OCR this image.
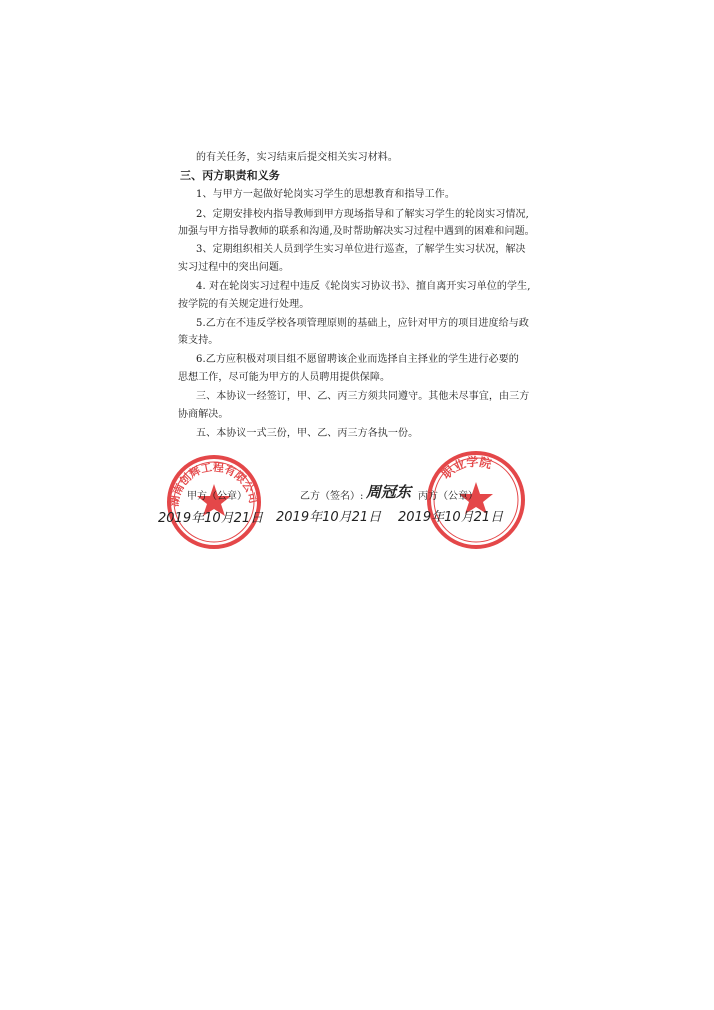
的有关任务，实习结束后提交相关实习材料。
三、丙方职责和义务
1、与甲方一起做好轮岗实习学生的思想教育和指导工作。
2、定期安排校内指导教师到甲方现场指导和了解实习学生的轮岗实习情况,
加强与甲方指导教师的联系和沟通,及时帮助解决实习过程中遇到的困难和问题。
3、定期组织相关人员到学生实习单位进行巡查，了解学生实习状况，解决
实习过程中的突出问题。
4. 对在轮岗实习过程中违反《轮岗实习协议书》、擅自离开实习单位的学生,
按学院的有关规定进行处理。
5.乙方在不违反学校各项管理原则的基础上，应针对甲方的项目进度给与政
策支持。
6.乙方应积极对项目组不愿留聘该企业而选择自主择业的学生进行必要的
思想工作，尽可能为甲方的人员聘用提供保障。
三、本协议一经签订，甲、乙、丙三方须共同遵守。其他未尽事宜，由三方
协商解决。
五、本协议一式三份，甲、乙、丙三方各执一份。
湖南创辉工程有限公司
职业学院
甲方（公章）	乙方（签名）: 周冠东 丙方（公章）
2019年10月21日 2019年10月21日 2019年10月21日
